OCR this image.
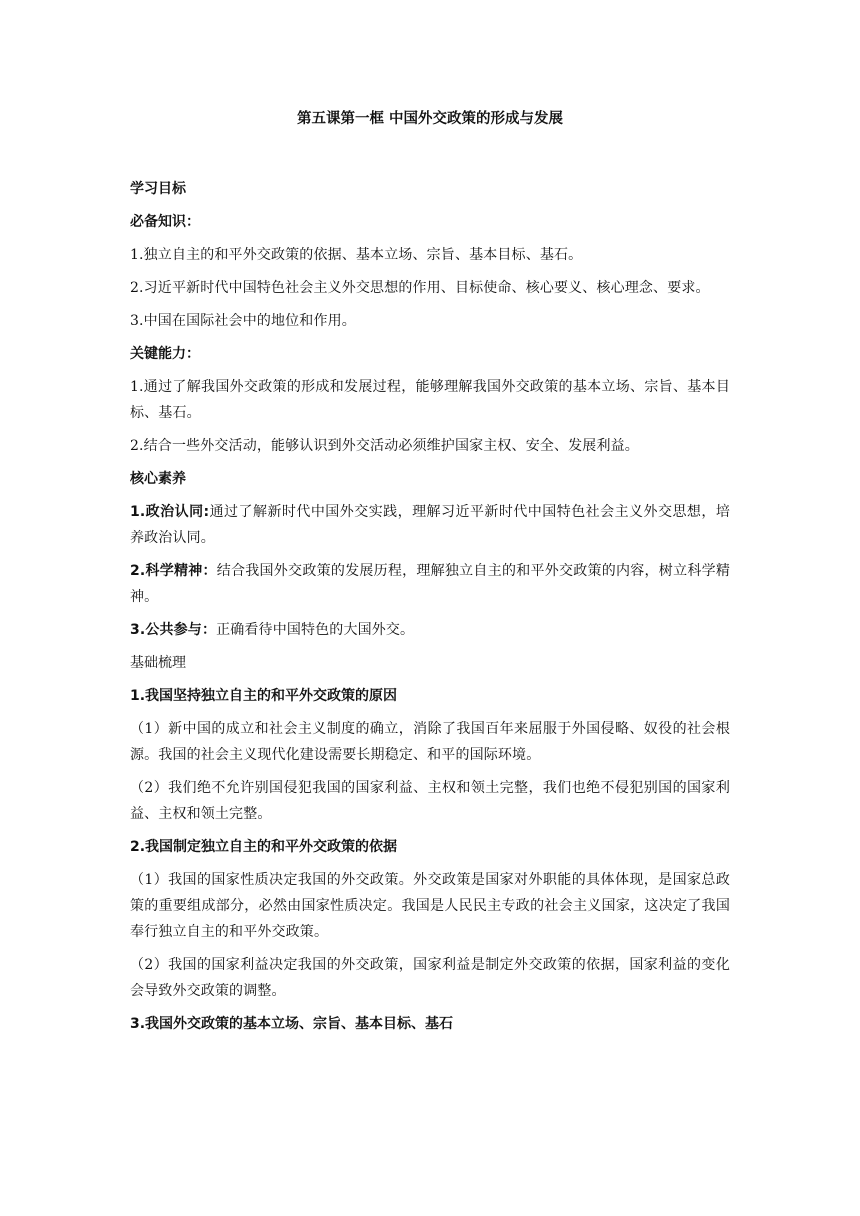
第五课第一框 中国外交政策的形成与发展
学习目标
必备知识：
1.独立自主的和平外交政策的依据、基本立场、宗旨、基本目标、基石。
2.习近平新时代中国特色社会主义外交思想的作用、目标使命、核心要义、核心理念、要求。
3.中国在国际社会中的地位和作用。
关键能力：
1.通过了解我国外交政策的形成和发展过程，能够理解我国外交政策的基本立场、宗旨、基本目标、基石。
2.结合一些外交活动，能够认识到外交活动必须维护国家主权、安全、发展利益。
核心素养
1.政治认同:通过了解新时代中国外交实践，理解习近平新时代中国特色社会主义外交思想，培养政治认同。
2.科学精神：结合我国外交政策的发展历程，理解独立自主的和平外交政策的内容，树立科学精神。
3.公共参与：正确看待中国特色的大国外交。
基础梳理
1.我国坚持独立自主的和平外交政策的原因
（1）新中国的成立和社会主义制度的确立，消除了我国百年来屈服于外国侵略、奴役的社会根源。我国的社会主义现代化建设需要长期稳定、和平的国际环境。
（2）我们绝不允许别国侵犯我国的国家利益、主权和领土完整，我们也绝不侵犯别国的国家利益、主权和领土完整。
2.我国制定独立自主的和平外交政策的依据
（1）我国的国家性质决定我国的外交政策。外交政策是国家对外职能的具体体现，是国家总政策的重要组成部分，必然由国家性质决定。我国是人民民主专政的社会主义国家，这决定了我国奉行独立自主的和平外交政策。
（2）我国的国家利益决定我国的外交政策，国家利益是制定外交政策的依据，国家利益的变化会导致外交政策的调整。
3.我国外交政策的基本立场、宗旨、基本目标、基石
